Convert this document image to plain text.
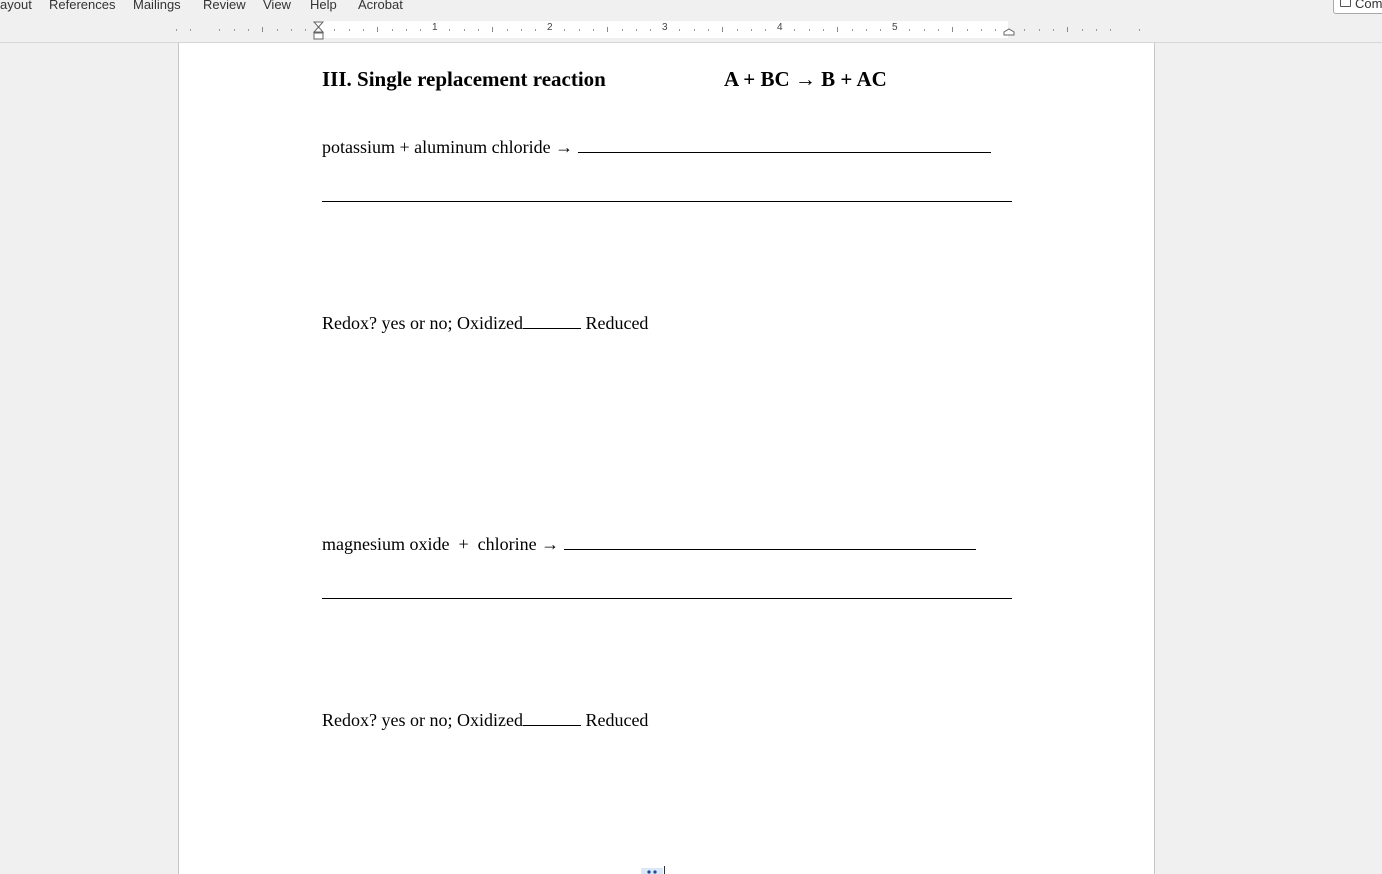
ayout References Mailings Review View Help Acrobat	Com
1	2	3	4	5
III. Single replacement reaction	A + BC → B + AC
potassium + aluminum chloride →
Redox? yes or no; Oxidized	Reduced
magnesium oxide  +  chlorine →
Redox? yes or no; Oxidized	Reduced
